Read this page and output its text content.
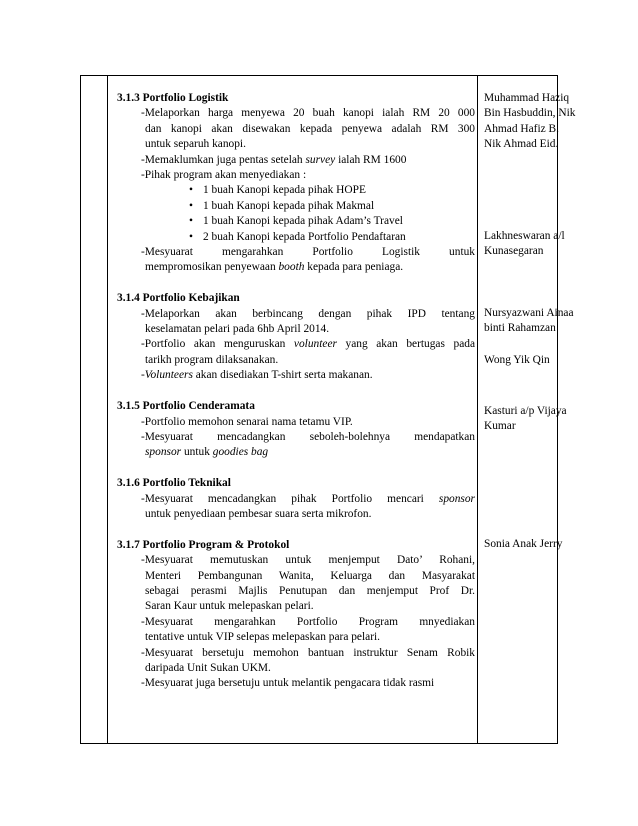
3.1.3 Portfolio Logistik
-Melaporkan harga menyewa 20 buah kanopi ialah RM 20 000
dan kanopi akan disewakan kepada penyewa adalah RM 300
untuk separuh kanopi.
-Memaklumkan juga pentas setelah survey ialah RM 1600
-Pihak program akan menyediakan :
• 1 buah Kanopi kepada pihak HOPE
• 1 buah Kanopi kepada pihak Makmal
• 1 buah Kanopi kepada pihak Adam’s Travel
• 2 buah Kanopi kepada Portfolio Pendaftaran
-Mesyuarat mengarahkan Portfolio Logistik untuk
mempromosikan penyewaan booth kepada para peniaga.
3.1.4 Portfolio Kebajikan
-Melaporkan akan berbincang dengan pihak IPD tentang
keselamatan pelari pada 6hb April 2014.
-Portfolio akan menguruskan volunteer yang akan bertugas pada
tarikh program dilaksanakan.
-Volunteers akan disediakan T-shirt serta makanan.
3.1.5 Portfolio Cenderamata
-Portfolio memohon senarai nama tetamu VIP.
-Mesyuarat mencadangkan seboleh-bolehnya mendapatkan
sponsor untuk goodies bag
3.1.6 Portfolio Teknikal
-Mesyuarat mencadangkan pihak Portfolio mencari sponsor
untuk penyediaan pembesar suara serta mikrofon.
3.1.7 Portfolio Program & Protokol
-Mesyuarat memutuskan untuk menjemput Dato’ Rohani,
Menteri Pembangunan Wanita, Keluarga dan Masyarakat
sebagai perasmi Majlis Penutupan dan menjemput Prof Dr.
Saran Kaur untuk melepaskan pelari.
-Mesyuarat mengarahkan Portfolio Program mnyediakan
tentative untuk VIP selepas melepaskan para pelari.
-Mesyuarat bersetuju memohon bantuan instruktur Senam Robik
daripada Unit Sukan UKM.
-Mesyuarat juga bersetuju untuk melantik pengacara tidak rasmi
Muhammad Haziq
Bin Hasbuddin, Nik
Ahmad Hafiz B.
Nik Ahmad Eid.
Lakhneswaran a/l
Kunasegaran
Nursyazwani Ainaa
binti Rahamzan
Wong Yik Qin
Kasturi a/p Vijaya
Kumar
Sonia Anak Jerry
